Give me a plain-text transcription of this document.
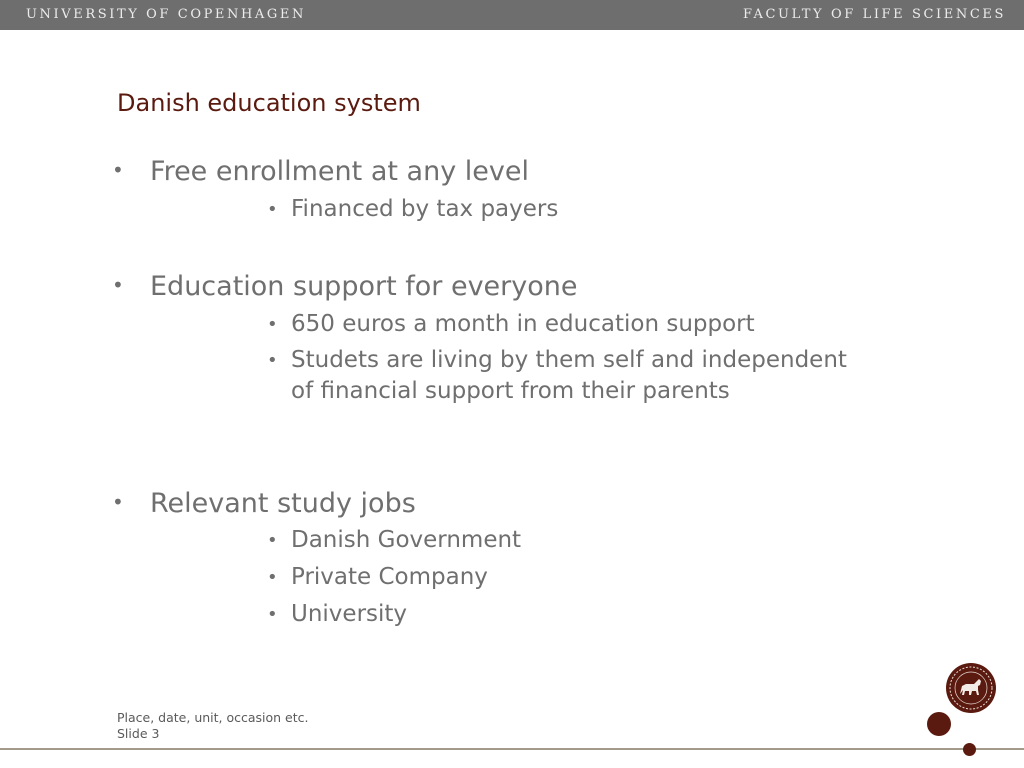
UNIVERSITY OF COPENHAGEN	FACULTY OF LIFE SCIENCES
Danish education system
• Free enrollment at any level
• Financed by tax payers
• Education support for everyone
• 650 euros a month in education support
• Studets are living by them self and independent of financial support from their parents
• Relevant study jobs
• Danish Government
• Private Company
• University
Place, date, unit, occasion etc.
Slide 3
